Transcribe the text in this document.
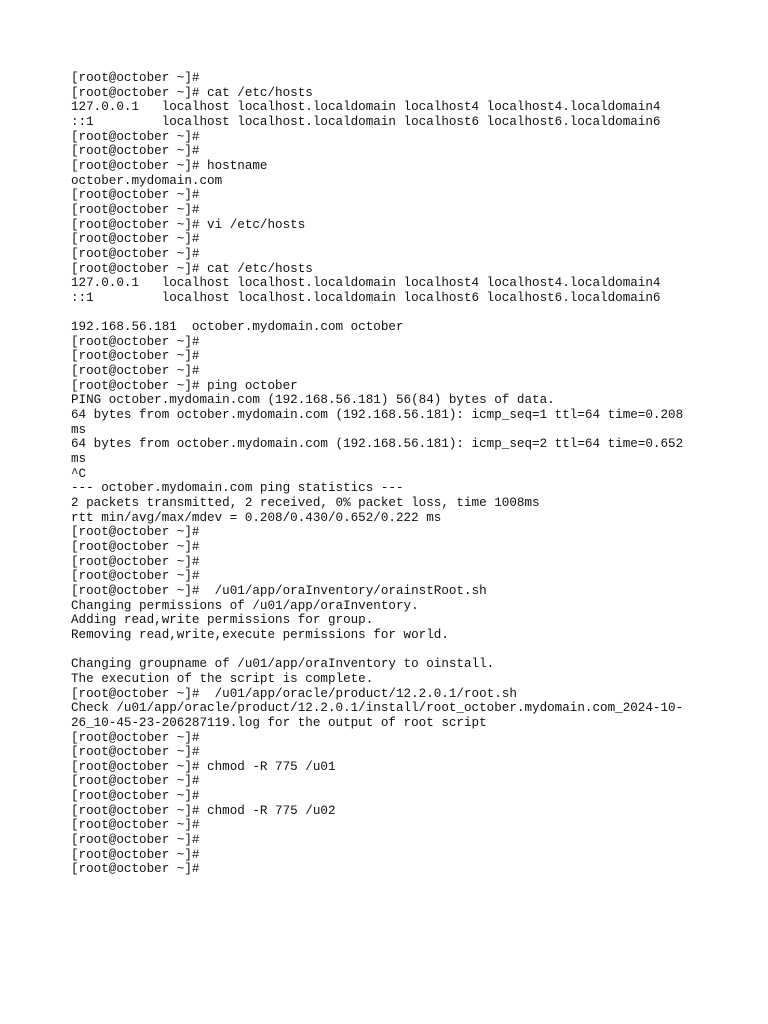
[root@october ~]#
[root@october ~]# cat /etc/hosts
127.0.0.1   localhost localhost.localdomain localhost4 localhost4.localdomain4
::1         localhost localhost.localdomain localhost6 localhost6.localdomain6
[root@october ~]#
[root@october ~]#
[root@october ~]# hostname
october.mydomain.com
[root@october ~]#
[root@october ~]#
[root@october ~]# vi /etc/hosts
[root@october ~]#
[root@october ~]#
[root@october ~]# cat /etc/hosts
127.0.0.1   localhost localhost.localdomain localhost4 localhost4.localdomain4
::1         localhost localhost.localdomain localhost6 localhost6.localdomain6
192.168.56.181  october.mydomain.com october
[root@october ~]#
[root@october ~]#
[root@october ~]#
[root@october ~]# ping october
PING october.mydomain.com (192.168.56.181) 56(84) bytes of data.
64 bytes from october.mydomain.com (192.168.56.181): icmp_seq=1 ttl=64 time=0.208
ms
64 bytes from october.mydomain.com (192.168.56.181): icmp_seq=2 ttl=64 time=0.652
ms
^C
--- october.mydomain.com ping statistics ---
2 packets transmitted, 2 received, 0% packet loss, time 1008ms
rtt min/avg/max/mdev = 0.208/0.430/0.652/0.222 ms
[root@october ~]#
[root@october ~]#
[root@october ~]#
[root@october ~]#
[root@october ~]#  /u01/app/oraInventory/orainstRoot.sh
Changing permissions of /u01/app/oraInventory.
Adding read,write permissions for group.
Removing read,write,execute permissions for world.
Changing groupname of /u01/app/oraInventory to oinstall.
The execution of the script is complete.
[root@october ~]#  /u01/app/oracle/product/12.2.0.1/root.sh
Check /u01/app/oracle/product/12.2.0.1/install/root_october.mydomain.com_2024-10-
26_10-45-23-206287119.log for the output of root script
[root@october ~]#
[root@october ~]#
[root@october ~]# chmod -R 775 /u01
[root@october ~]#
[root@october ~]#
[root@october ~]# chmod -R 775 /u02
[root@october ~]#
[root@october ~]#
[root@october ~]#
[root@october ~]#
